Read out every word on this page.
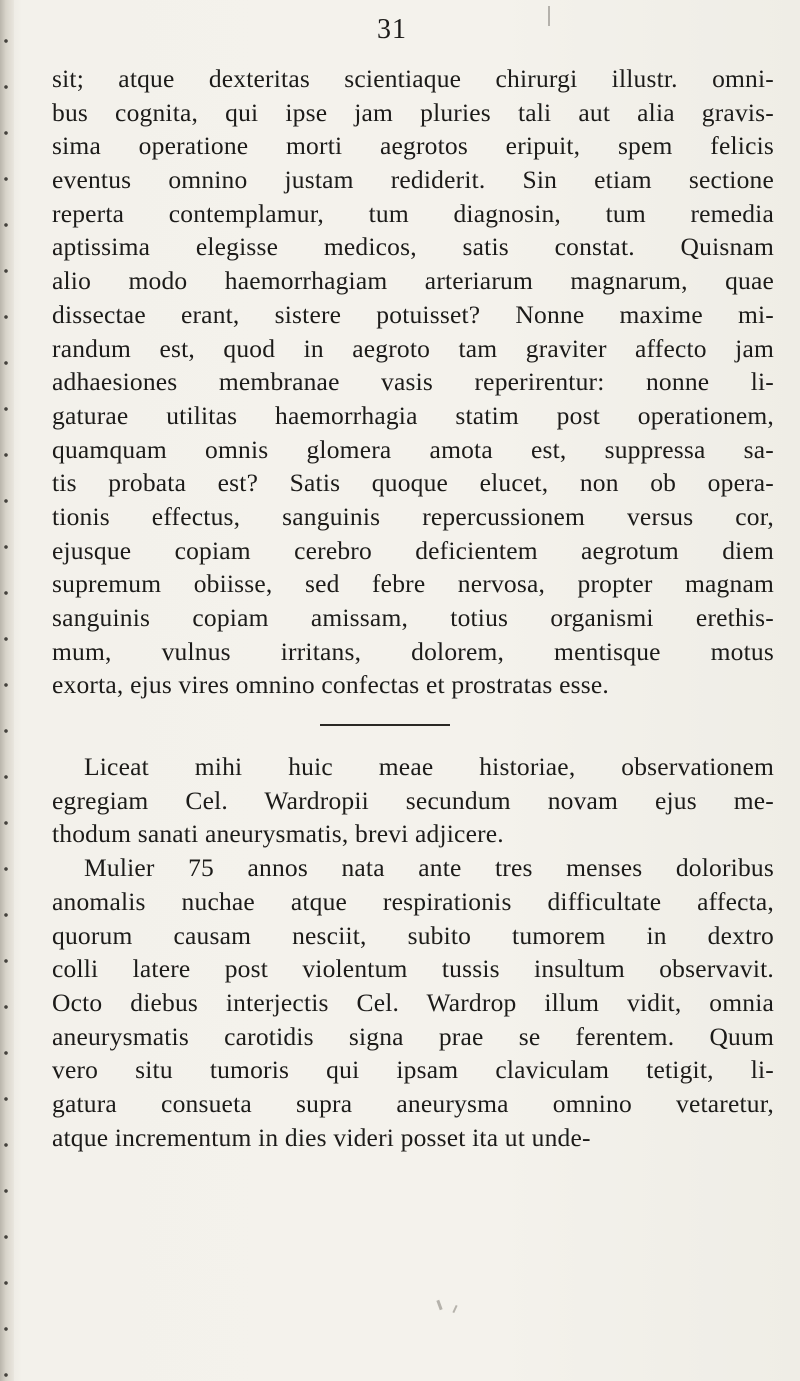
31
sit; atque dexteritas scientiaque chirurgi illustr. omni-
bus cognita, qui ipse jam pluries tali aut alia gravis-
sima operatione morti aegrotos eripuit, spem felicis
eventus omnino justam rediderit. Sin etiam sectione
reperta contemplamur, tum diagnosin, tum remedia
aptissima elegisse medicos, satis constat. Quisnam
alio modo haemorrhagiam arteriarum magnarum, quae
dissectae erant, sistere potuisset? Nonne maxime mi-
randum est, quod in aegroto tam graviter affecto jam
adhaesiones membranae vasis reperirentur: nonne li-
gaturae utilitas haemorrhagia statim post operationem,
quamquam omnis glomera amota est, suppressa sa-
tis probata est? Satis quoque elucet, non ob opera-
tionis effectus, sanguinis repercussionem versus cor,
ejusque copiam cerebro deficientem aegrotum diem
supremum obiisse, sed febre nervosa, propter magnam
sanguinis copiam amissam, totius organismi erethis-
mum, vulnus irritans, dolorem, mentisque motus
exorta, ejus vires omnino confectas et prostratas esse.
Liceat mihi huic meae historiae, observationem
egregiam Cel. Wardropii secundum novam ejus me-
thodum sanati aneurysmatis, brevi adjicere.
Mulier 75 annos nata ante tres menses doloribus
anomalis nuchae atque respirationis difficultate affecta,
quorum causam nesciit, subito tumorem in dextro
colli latere post violentum tussis insultum observavit.
Octo diebus interjectis Cel. Wardrop illum vidit, omnia
aneurysmatis carotidis signa prae se ferentem. Quum
vero situ tumoris qui ipsam claviculam tetigit, li-
gatura consueta supra aneurysma omnino vetaretur,
atque incrementum in dies videri posset ita ut unde-
